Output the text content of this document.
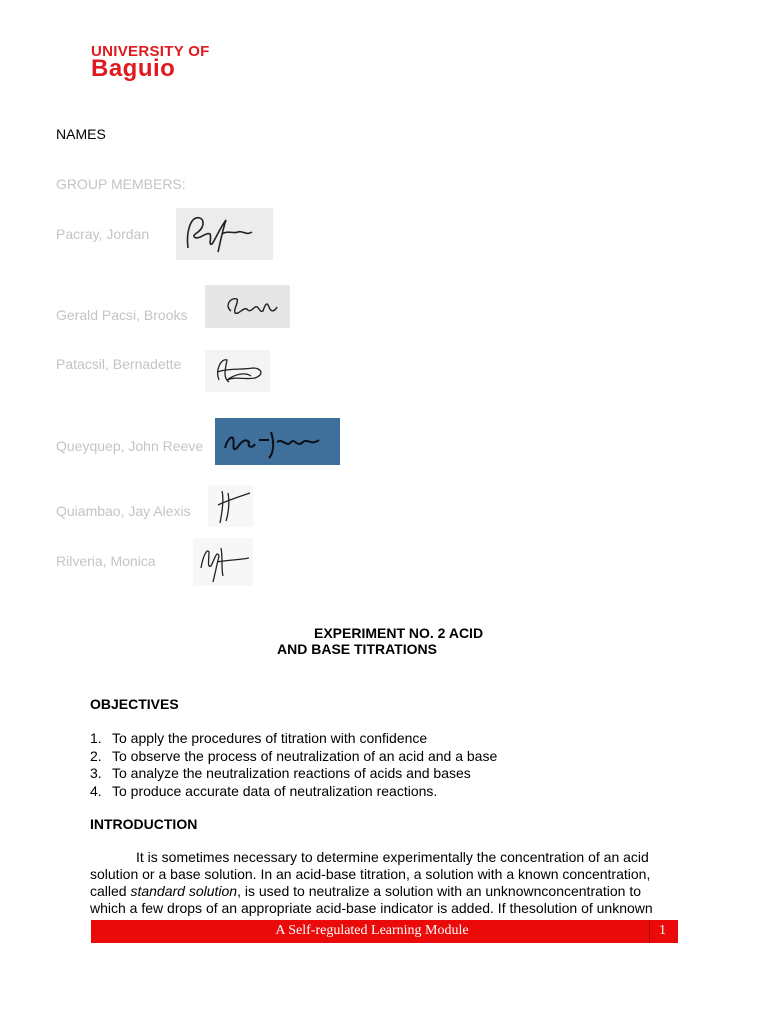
UNIVERSITY OF
Baguio
NAMES
GROUP MEMBERS:
Pacray, Jordan
Gerald Pacsi, Brooks
Patacsil, Bernadette
Queyquep, John Reeve
Quiambao, Jay Alexis
Rilveria, Monica
EXPERIMENT NO. 2 ACID
AND BASE TITRATIONS
OBJECTIVES
1. To apply the procedures of titration with confidence
2. To observe the process of neutralization of an acid and a base
3. To analyze the neutralization reactions of acids and bases
4. To produce accurate data of neutralization reactions.
INTRODUCTION

It is sometimes necessary to determine experimentally the concentration of an acid solution or a base solution. In an acid-base titration, a solution with a known concentration, called standard solution, is used to neutralize a solution with an unknownconcentration to which a few drops of an appropriate acid-base indicator is added. If thesolution of unknown

A Self-regulated Learning Module	1
